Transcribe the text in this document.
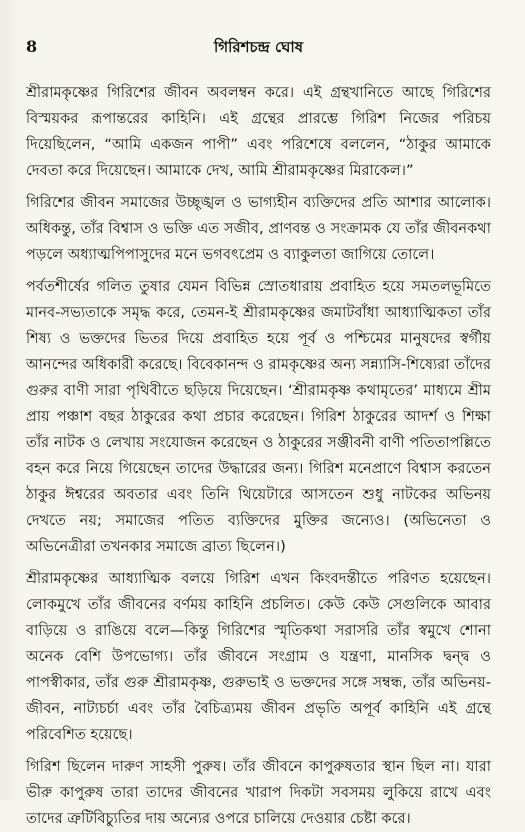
8	গিরিশচন্দ্র ঘোষ

শ্রীরামকৃষ্ণের গিরিশের জীবন অবলম্বন করে। এই গ্রন্থখানিতে আছে গিরিশের বিস্ময়কর রূপান্তরের কাহিনি। এই গ্রন্থের প্রারম্ভে গিরিশ নিজের পরিচয় দিয়েছিলেন, “আমি একজন পাপী” এবং পরিশেষে বললেন, “ঠাকুর আমাকে দেবতা করে দিয়েছেন। আমাকে দেখ, আমি শ্রীরামকৃষ্ণের মিরাকেল।”

গিরিশের জীবন সমাজের উচ্ছৃঙ্খল ও ভাগ্যহীন ব্যক্তিদের প্রতি আশার আলোক। অধিকন্তু, তাঁর বিশ্বাস ও ভক্তি এত সজীব, প্রাণবন্ত ও সংক্রামক যে তাঁর জীবনকথা পড়লে অধ্যাত্মপিপাসুদের মনে ভগবৎপ্রেম ও ব্যাকুলতা জাগিয়ে তোলে।

পর্বতশীর্ষের গলিত তুষার যেমন বিভিন্ন স্রোতধারায় প্রবাহিত হয়ে সমতলভূমিতে মানব-সভ্যতাকে সমৃদ্ধ করে, তেমন-ই শ্রীরামকৃষ্ণের জমাটবাঁধা আধ্যাত্মিকতা তাঁর শিষ্য ও ভক্তদের ভিতর দিয়ে প্রবাহিত হয়ে পূর্ব ও পশ্চিমের মানুষদের স্বর্গীয় আনন্দের অধিকারী করেছে। বিবেকানন্দ ও রামকৃষ্ণের অন্য সন্ন্যাসি-শিষ্যেরা তাঁদের গুরুর বাণী সারা পৃথিবীতে ছড়িয়ে দিয়েছেন। ‘শ্রীরামকৃষ্ণ কথামৃতের’ মাধ্যমে শ্রীম প্রায় পঞ্চাশ বছর ঠাকুরের কথা প্রচার করেছেন। গিরিশ ঠাকুরের আদর্শ ও শিক্ষা তাঁর নাটক ও লেখায় সংযোজন করেছেন ও ঠাকুরের সঞ্জীবনী বাণী পতিতাপল্লিতে বহন করে নিয়ে গিয়েছেন তাদের উদ্ধারের জন্য। গিরিশ মনেপ্রাণে বিশ্বাস করতেন ঠাকুর ঈশ্বরের অবতার এবং তিনি থিয়েটারে আসতেন শুধু নাটকের অভিনয় দেখতে নয়; সমাজের পতিত ব্যক্তিদের মুক্তির জন্যেও। (অভিনেতা ও অভিনেত্রীরা তখনকার সমাজে ব্রাত্য ছিলেন।)

শ্রীরামকৃষ্ণের আধ্যাত্মিক বলয়ে গিরিশ এখন কিংবদন্তীতে পরিণত হয়েছেন। লোকমুখে তাঁর জীবনের বর্ণময় কাহিনি প্রচলিত। কেউ কেউ সেগুলিকে আবার বাড়িয়ে ও রাঙিয়ে বলে—কিন্তু গিরিশের স্মৃতিকথা সরাসরি তাঁর স্বমুখে শোনা অনেক বেশি উপভোগ্য। তাঁর জীবনে সংগ্রাম ও যন্ত্রণা, মানসিক দ্বন্দ্ব ও পাপস্বীকার, তাঁর গুরু শ্রীরামকৃষ্ণ, গুরুভাই ও ভক্তদের সঙ্গে সম্বন্ধ, তাঁর অভিনয়-জীবন, নাট্যচর্চা এবং তাঁর বৈচিত্র্যময় জীবন প্রভৃতি অপূর্ব কাহিনি এই গ্রন্থে পরিবেশিত হয়েছে।

গিরিশ ছিলেন দারুণ সাহসী পুরুষ। তাঁর জীবনে কাপুরুষতার স্থান ছিল না। যারা ভীরু কাপুরুষ তারা তাদের জীবনের খারাপ দিকটা সবসময় লুকিয়ে রাখে এবং তাদের ত্রুটিবিচ্যুতির দায় অন্যের ওপরে চালিয়ে দেওয়ার চেষ্টা করে।
